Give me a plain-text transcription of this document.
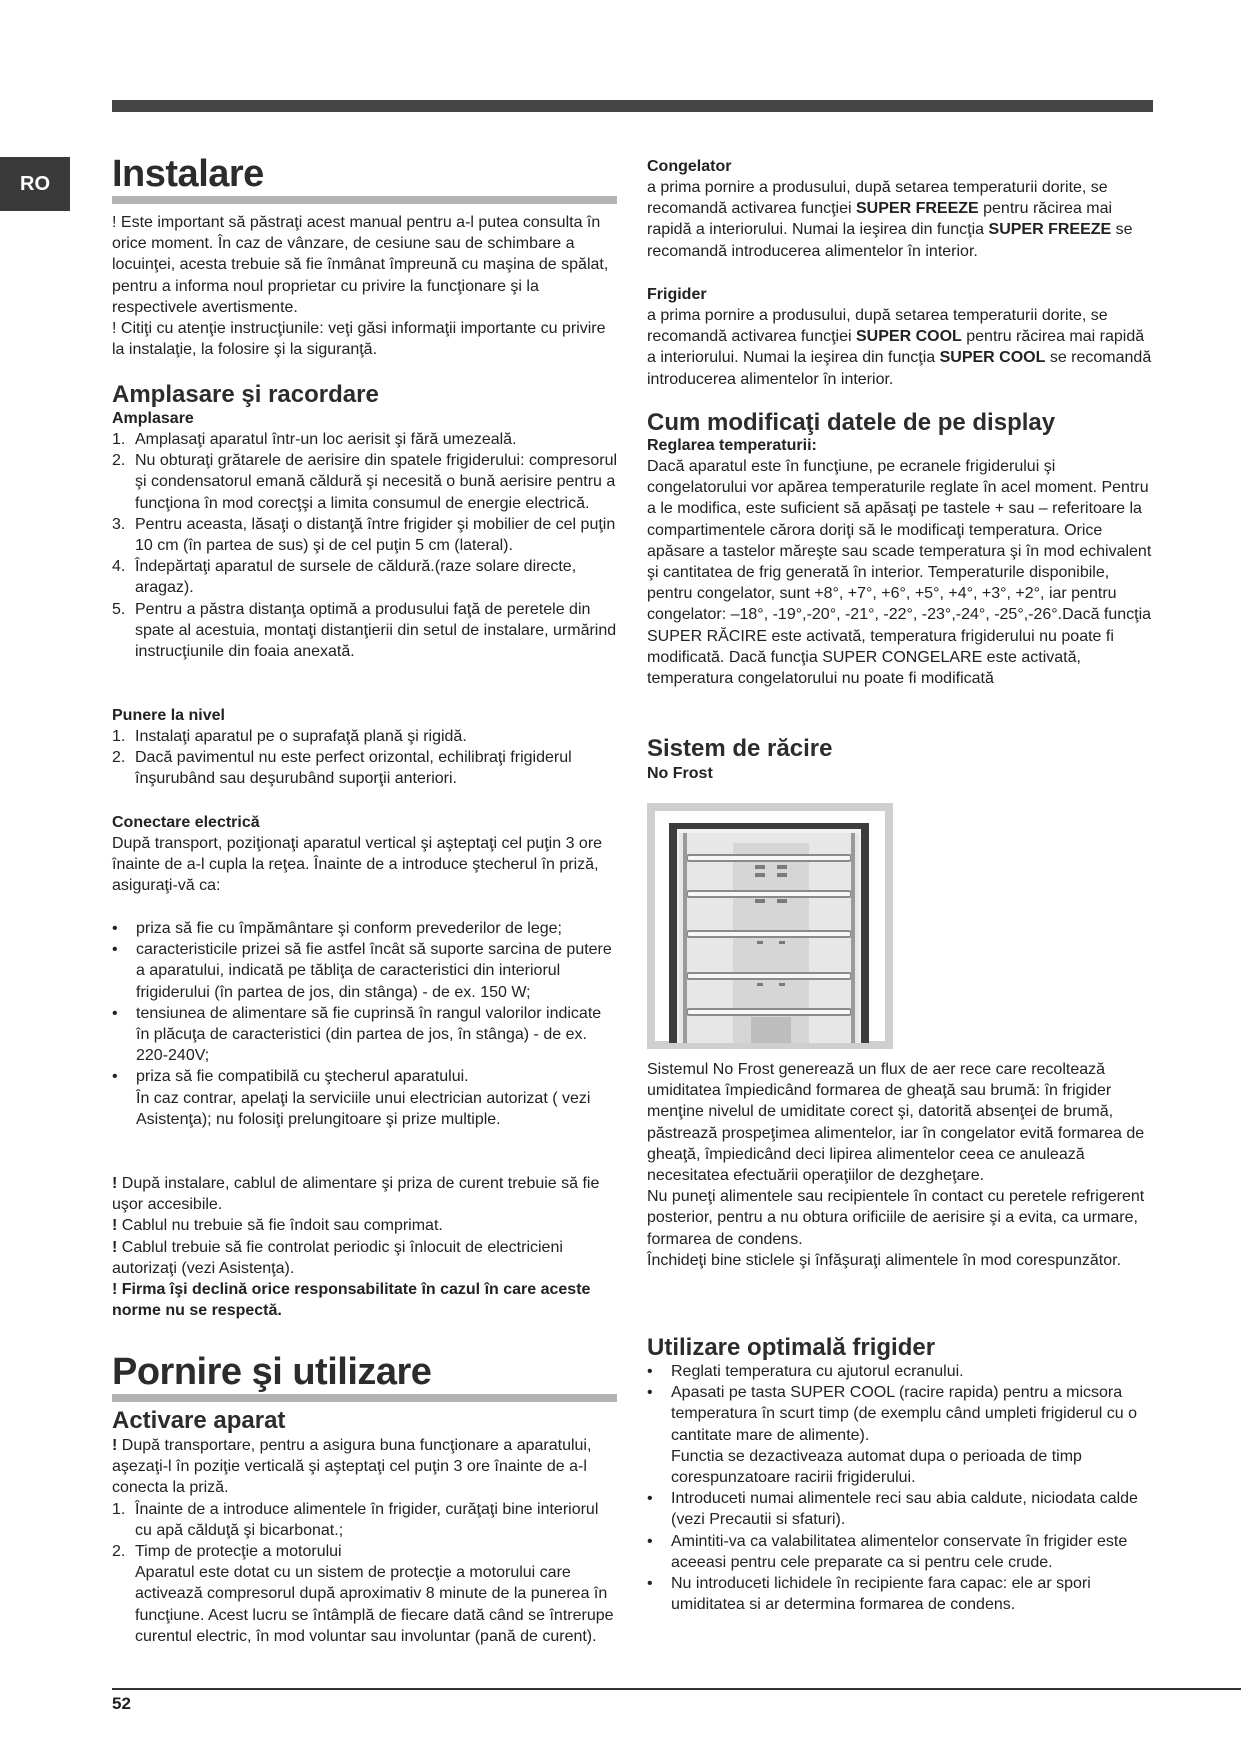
RO	Instalare

! Este important să păstraţi acest manual pentru a-l putea consulta în orice moment. În caz de vânzare, de cesiune sau de schimbare a locuinţei, acesta trebuie să fie înmânat împreună cu maşina de spălat, pentru a informa noul proprietar cu privire la funcţionare şi la respectivele avertismente.

! Citiţi cu atenţie instrucţiunile: veţi găsi informaţii importante cu privire la instalaţie, la folosire şi la siguranţă.

Amplasare şi racordare
Amplasare
1. Amplasaţi aparatul într-un loc aerisit şi fără umezeală.
2. Nu obturaţi grătarele de aerisire din spatele frigiderului: compresorul şi condensatorul emană căldură şi necesită o bună aerisire pentru a funcţiona în mod corecţşi a limita consumul de energie electrică.
3. Pentru aceasta, lăsaţi o distanţă între frigider şi mobilier de cel puţin 10 cm (în partea de sus) şi de cel puţin 5 cm (lateral).
4. Îndepărtaţi aparatul de sursele de căldură.(raze solare directe, aragaz).
5. Pentru a păstra distanţa optimă a produsului faţă de peretele din spate al acestuia, montaţi distanţierii din setul de instalare, urmărind instrucţiunile din foaia anexată.
Punere la nivel
1. Instalaţi aparatul pe o suprafaţă plană şi rigidă.
2. Dacă pavimentul nu este perfect orizontal, echilibraţi frigiderul înşurubând sau deşurubând suporţii anteriori.
Conectare electrică

După transport, poziţionaţi aparatul vertical şi aşteptaţi cel puţin 3 ore înainte de a-l cupla la reţea. Înainte de a introduce ştecherul în priză, asiguraţi-vă ca:

• priza să fie cu împământare şi conform prevederilor de lege;
• caracteristicile prizei să fie astfel încât să suporte sarcina de putere a aparatului, indicată pe tăbliţa de caracteristici din interiorul frigiderului (în partea de jos, din stânga) - de ex. 150 W;
• tensiunea de alimentare să fie cuprinsă în rangul valorilor indicate în plăcuţa de caracteristici (din partea de jos, în stânga) - de ex. 220-240V;
• priza să fie compatibilă cu ştecherul aparatului.
În caz contrar, apelaţi la serviciile unui electrician autorizat ( vezi Asistenţa); nu folosiţi prelungitoare şi prize multiple.

! După instalare, cablul de alimentare şi priza de curent trebuie să fie uşor accesibile.

! Cablul nu trebuie să fie îndoit sau comprimat.

! Cablul trebuie să fie controlat periodic şi înlocuit de electricieni autorizaţi (vezi Asistenţa).

! Firma îşi declină orice responsabilitate în cazul în care aceste norme nu se respectă.

Pornire şi utilizare
Activare aparat

! După transportare, pentru a asigura buna funcţionare a aparatului, aşezaţi-l în poziţie verticală şi aşteptaţi cel puţin 3 ore înainte de a-l conecta la priză.

1. Înainte de a introduce alimentele în frigider, curăţaţi bine interiorul cu apă călduţă şi bicarbonat.;
2. Timp de protecţie a motorului
Aparatul este dotat cu un sistem de protecţie a motorului care activează compresorul după aproximativ 8 minute de la punerea în funcţiune. Acest lucru se întâmplă de fiecare dată când se întrerupe curentul electric, în mod voluntar sau involuntar (pană de curent).
Congelator

a prima pornire a produsului, după setarea temperaturii dorite, se recomandă activarea funcţiei SUPER FREEZE pentru răcirea mai rapidă a interiorului. Numai la ieşirea din funcţia SUPER FREEZE se recomandă introducerea alimentelor în interior.

Frigider

a prima pornire a produsului, după setarea temperaturii dorite, se recomandă activarea funcţiei SUPER COOL pentru răcirea mai rapidă a interiorului. Numai la ieşirea din funcţia SUPER COOL se recomandă introducerea alimentelor în interior.

Cum modificaţi datele de pe display
Reglarea temperaturii:

Dacă aparatul este în funcţiune, pe ecranele frigiderului şi congelatorului vor apărea temperaturile reglate în acel moment. Pentru a le modifica, este suficient să apăsaţi pe tastele + sau – referitoare la compartimentele cărora doriţi să le modificaţi temperatura. Orice apăsare a tastelor măreşte sau scade temperatura şi în mod echivalent şi cantitatea de frig generată în interior. Temperaturile disponibile, pentru congelator, sunt +8°, +7°, +6°, +5°, +4°, +3°, +2°, iar pentru congelator: –18°, -19°,-20°, -21°, -22°, -23°,-24°, -25°,-26°.Dacă funcţia SUPER RĂCIRE este activată, temperatura frigiderului nu poate fi modificată. Dacă funcţia SUPER CONGELARE este activată, temperatura congelatorului nu poate fi modificată

Sistem de răcire
No Frost

Sistemul No Frost generează un flux de aer rece care recoltează umiditatea împiedicând formarea de gheaţă sau brumă: în frigider menţine nivelul de umiditate corect şi, datorită absenţei de brumă, păstrează prospeţimea alimentelor, iar în congelator evită formarea de gheaţă, împiedicând deci lipirea alimentelor ceea ce anulează necesitatea efectuării operaţiilor de dezgheţare.

Nu puneţi alimentele sau recipientele în contact cu peretele refrigerent posterior, pentru a nu obtura orificiile de aerisire şi a evita, ca urmare, formarea de condens.

Închideţi bine sticlele şi înfăşuraţi alimentele în mod corespunzător.

Utilizare optimală frigider
• Reglati temperatura cu ajutorul ecranului.
• Apasati pe tasta SUPER COOL (racire rapida) pentru a micsora temperatura în scurt timp (de exemplu când umpleti frigiderul cu o cantitate mare de alimente).
Functia se dezactiveaza automat dupa o perioada de timp corespunzatoare racirii frigiderului.
• Introduceti numai alimentele reci sau abia caldute, niciodata calde (vezi Precautii si sfaturi).
• Amintiti-va ca valabilitatea alimentelor conservate în frigider este aceeasi pentru cele preparate ca si pentru cele crude.
• Nu introduceti lichidele în recipiente fara capac: ele ar spori umiditatea si ar determina formarea de condens.
52
